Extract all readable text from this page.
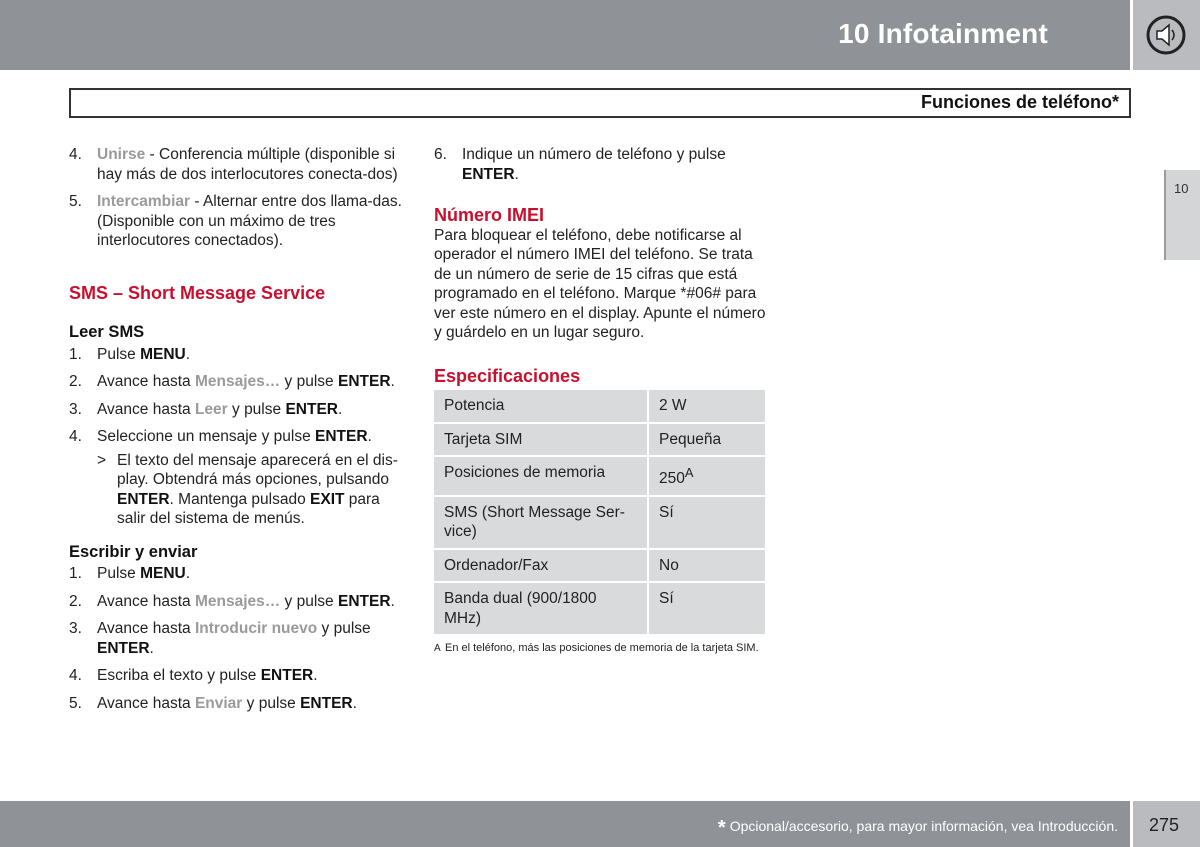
10 Infotainment
Funciones de teléfono*
10
4. Unirse - Conferencia múltiple (disponible si hay más de dos interlocutores conecta-dos)
5. Intercambiar - Alternar entre dos llama-das. (Disponible con un máximo de tres interlocutores conectados).
SMS – Short Message Service
Leer SMS
1. Pulse MENU.
2. Avance hasta Mensajes… y pulse ENTER.
3. Avance hasta Leer y pulse ENTER.
4. Seleccione un mensaje y pulse ENTER.
> El texto del mensaje aparecerá en el dis-play. Obtendrá más opciones, pulsando ENTER. Mantenga pulsado EXIT para salir del sistema de menús.
Escribir y enviar
1. Pulse MENU.
2. Avance hasta Mensajes… y pulse ENTER.
3. Avance hasta Introducir nuevo y pulse ENTER.
4. Escriba el texto y pulse ENTER.
5. Avance hasta Enviar y pulse ENTER.
6. Indique un número de teléfono y pulse ENTER.
Número IMEI

Para bloquear el teléfono, debe notificarse al operador el número IMEI del teléfono. Se trata de un número de serie de 15 cifras que está programado en el teléfono. Marque *#06# para ver este número en el display. Apunte el número y guárdelo en un lugar seguro.

Especificaciones
Potencia	2 W
Tarjeta SIM	Pequeña
Posiciones de memoria	$250^A$
SMS (Short Message Ser-vice)	Sí
Ordenador/Fax	No
Banda dual (900/1800 MHz)	Sí
A En el teléfono, más las posiciones de memoria de la tarjeta SIM.
* Opcional/accesorio, para mayor información, vea Introducción. 275
